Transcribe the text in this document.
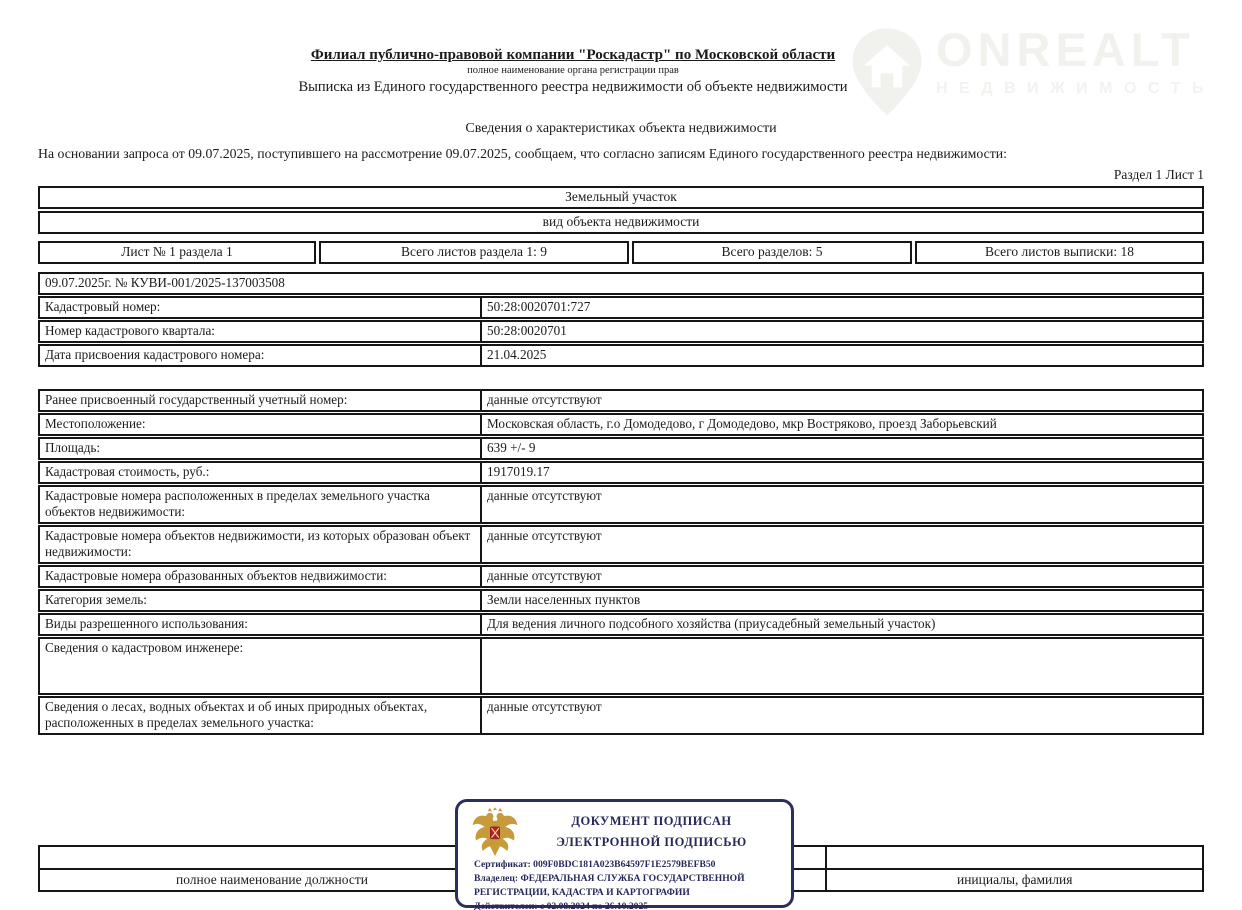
ONREALT
НЕДВИЖИМОСТЬ
Филиал публично-правовой компании "Роскадастр" по Московской области
полное наименование органа регистрации прав
Выписка из Единого государственного реестра недвижимости об объекте недвижимости
Сведения о характеристиках объекта недвижимости
На основании запроса от 09.07.2025, поступившего на рассмотрение 09.07.2025, сообщаем, что согласно записям Единого государственного реестра недвижимости:
Раздел 1 Лист 1
Земельный участок
вид объекта недвижимости
Лист № 1 раздела 1	Всего листов раздела 1: 9	Всего разделов: 5	Всего листов выписки: 18
09.07.2025г. № КУВИ-001/2025-137003508
Кадастровый номер:	50:28:0020701:727
Номер кадастрового квартала:	50:28:0020701
Дата присвоения кадастрового номера:	21.04.2025
Ранее присвоенный государственный учетный номер:	данные отсутствуют
Местоположение:	Московская область, г.о Домодедово, г Домодедово, мкр Востряково, проезд Заборьевский
Площадь:	639 +/- 9
Кадастровая стоимость, руб.:	1917019.17
Кадастровые номера расположенных в пределах земельного участка объектов недвижимости:
данные отсутствуют
Кадастровые номера объектов недвижимости, из которых образован объект недвижимости:
данные отсутствуют
Кадастровые номера образованных объектов недвижимости:	данные отсутствуют
Категория земель:	Земли населенных пунктов
Виды разрешенного использования:	Для ведения личного подсобного хозяйства (приусадебный земельный участок)
Сведения о кадастровом инженере:
Сведения о лесах, водных объектах и об иных природных объектах, расположенных в пределах земельного участка:
данные отсутствуют

полное наименование должности		инициалы, фамилия
ДОКУМЕНТ ПОДПИСАН
ЭЛЕКТРОННОЙ ПОДПИСЬЮ
Сертификат: 009F0BDC181A023B64597F1E2579BEFB50
Владелец: ФЕДЕРАЛЬНАЯ СЛУЖБА ГОСУДАРСТВЕННОЙ РЕГИСТРАЦИИ, КАДАСТРА И КАРТОГРАФИИ
Действителен: с 02.08.2024 по 26.10.2025
